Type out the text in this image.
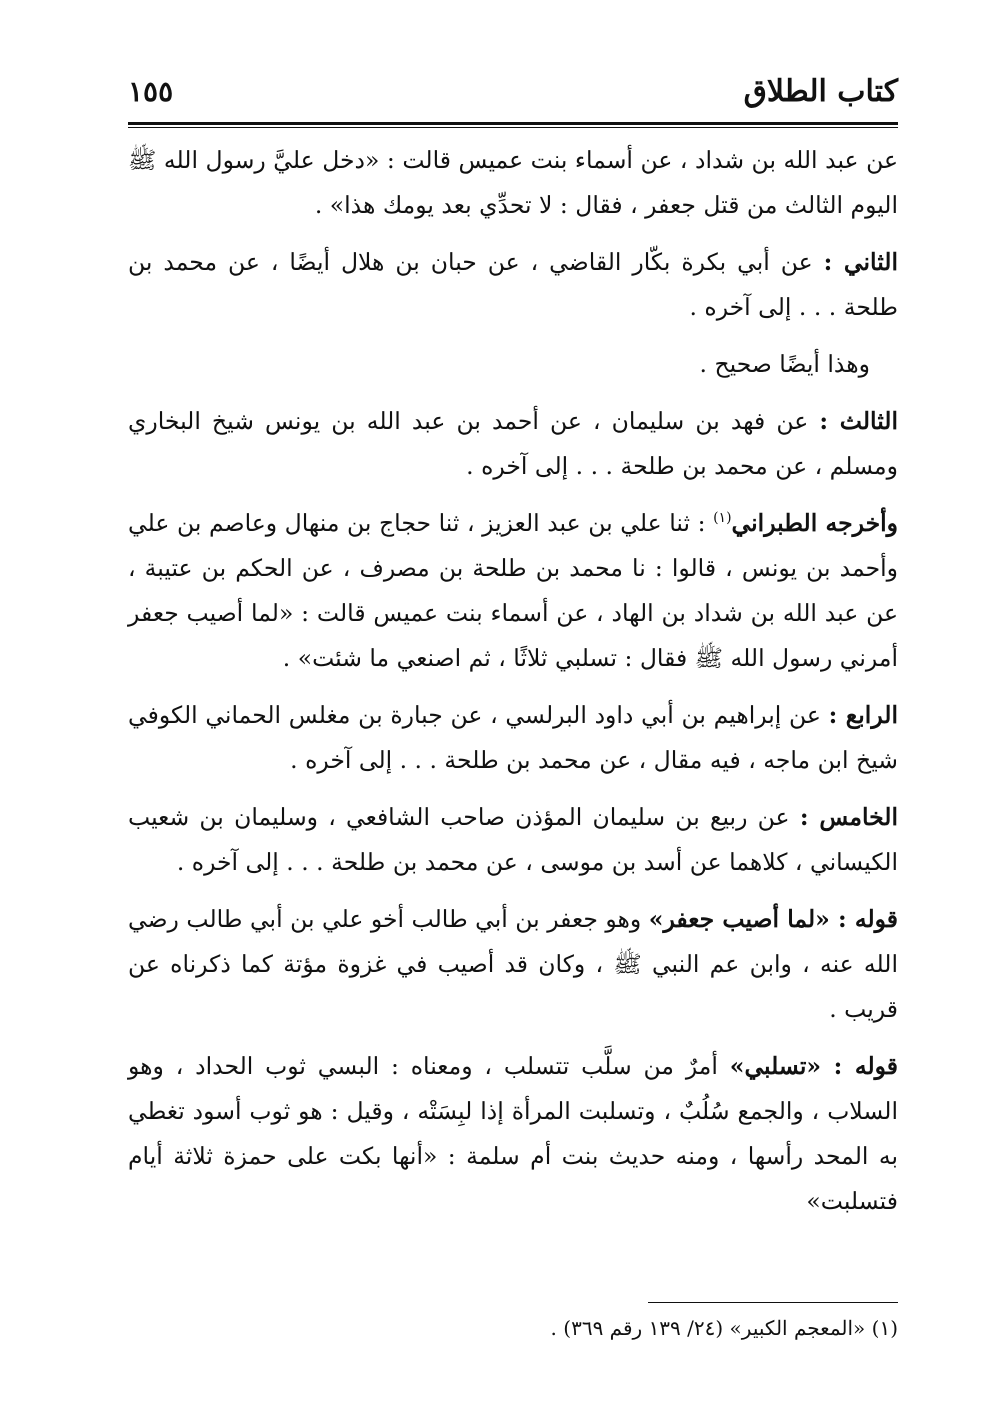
كتاب الطلاق
١٥٥

عن عبد الله بن شداد ، عن أسماء بنت عميس قالت : «دخل عليَّ رسول الله ﷺ اليوم الثالث من قتل جعفر ، فقال : لا تحدِّي بعد يومك هذا» .

الثاني : عن أبي بكرة بكّار القاضي ، عن حبان بن هلال أيضًا ، عن محمد بن طلحة . . . إلى آخره .

وهذا أيضًا صحيح .

الثالث : عن فهد بن سليمان ، عن أحمد بن عبد الله بن يونس شيخ البخاري ومسلم ، عن محمد بن طلحة . . . إلى آخره .

وأخرجه الطبراني$^{(١)}$ : ثنا علي بن عبد العزيز ، ثنا حجاج بن منهال وعاصم بن علي وأحمد بن يونس ، قالوا : نا محمد بن طلحة بن مصرف ، عن الحكم بن عتيبة ، عن عبد الله بن شداد بن الهاد ، عن أسماء بنت عميس قالت : «لما أصيب جعفر أمرني رسول الله ﷺ فقال : تسلبي ثلاثًا ، ثم اصنعي ما شئت» .

الرابع : عن إبراهيم بن أبي داود البرلسي ، عن جبارة بن مغلس الحماني الكوفي شيخ ابن ماجه ، فيه مقال ، عن محمد بن طلحة . . . إلى آخره .

الخامس : عن ربيع بن سليمان المؤذن صاحب الشافعي ، وسليمان بن شعيب الكيساني ، كلاهما عن أسد بن موسى ، عن محمد بن طلحة . . . إلى آخره .

قوله : «لما أصيب جعفر» وهو جعفر بن أبي طالب أخو علي بن أبي طالب رضي الله عنه ، وابن عم النبي ﷺ ، وكان قد أصيب في غزوة مؤتة كما ذكرناه عن قريب .

قوله : «تسلبي» أمرٌ من سلَّب تتسلب ، ومعناه : البسي ثوب الحداد ، وهو السلاب ، والجمع سُلُبٌ ، وتسلبت المرأة إذا لبِسَتْه ، وقيل : هو ثوب أسود تغطي به المحد رأسها ، ومنه حديث بنت أم سلمة : «أنها بكت على حمزة ثلاثة أيام فتسلبت»

(١) «المعجم الكبير» (٢٤/ ١٣٩ رقم ٣٦٩) .
